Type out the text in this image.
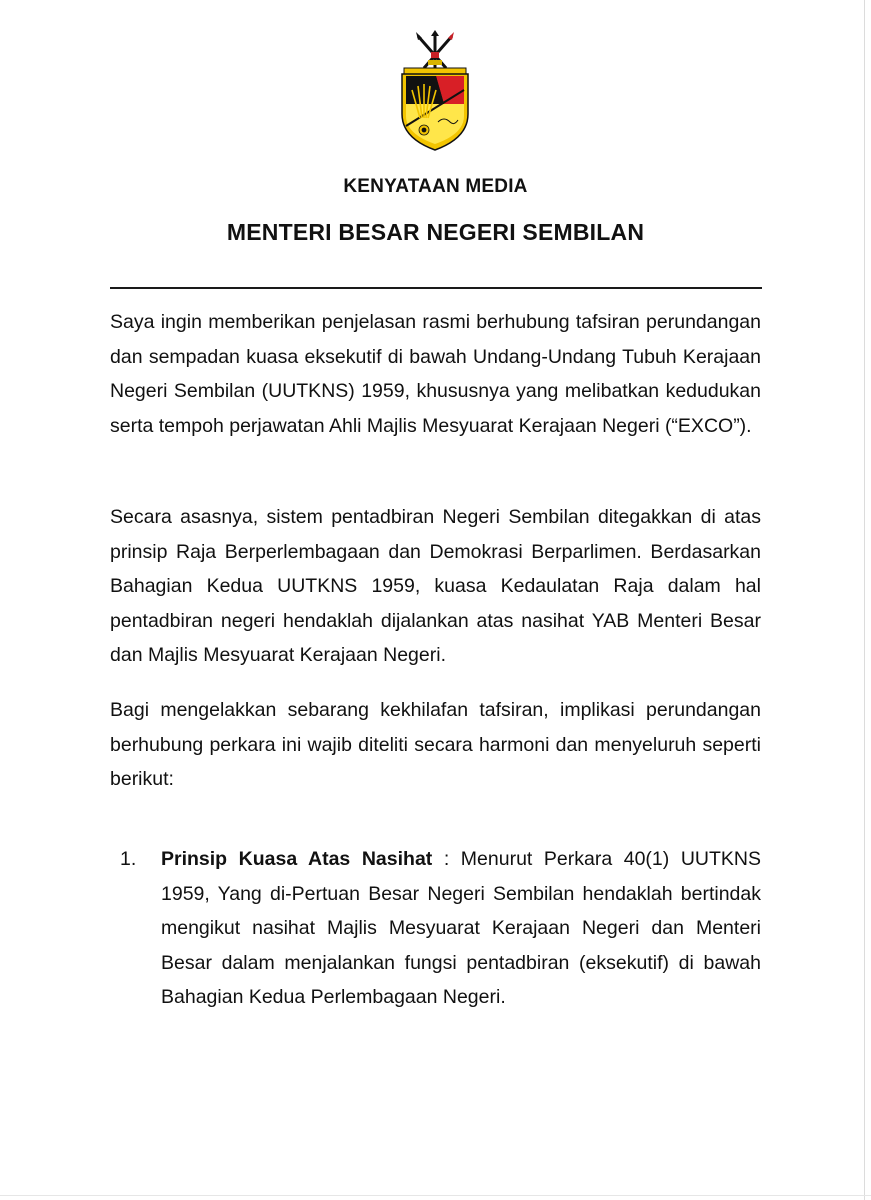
KENYATAAN MEDIA
MENTERI BESAR NEGERI SEMBILAN

Saya ingin memberikan penjelasan rasmi berhubung tafsiran perundangan dan sempadan kuasa eksekutif di bawah Undang-Undang Tubuh Kerajaan Negeri Sembilan (UUTKNS) 1959, khususnya yang melibatkan kedudukan serta tempoh perjawatan Ahli Majlis Mesyuarat Kerajaan Negeri (“EXCO”).

Secara asasnya, sistem pentadbiran Negeri Sembilan ditegakkan di atas prinsip Raja Berperlembagaan dan Demokrasi Berparlimen. Berdasarkan Bahagian Kedua UUTKNS 1959, kuasa Kedaulatan Raja dalam hal pentadbiran negeri hendaklah dijalankan atas nasihat YAB Menteri Besar dan Majlis Mesyuarat Kerajaan Negeri.

Bagi mengelakkan sebarang kekhilafan tafsiran, implikasi perundangan berhubung perkara ini wajib diteliti secara harmoni dan menyeluruh seperti berikut:

1. Prinsip Kuasa Atas Nasihat : Menurut Perkara 40(1) UUTKNS 1959, Yang di-Pertuan Besar Negeri Sembilan hendaklah bertindak mengikut nasihat Majlis Mesyuarat Kerajaan Negeri dan Menteri Besar dalam menjalankan fungsi pentadbiran (eksekutif) di bawah Bahagian Kedua Perlembagaan Negeri.
